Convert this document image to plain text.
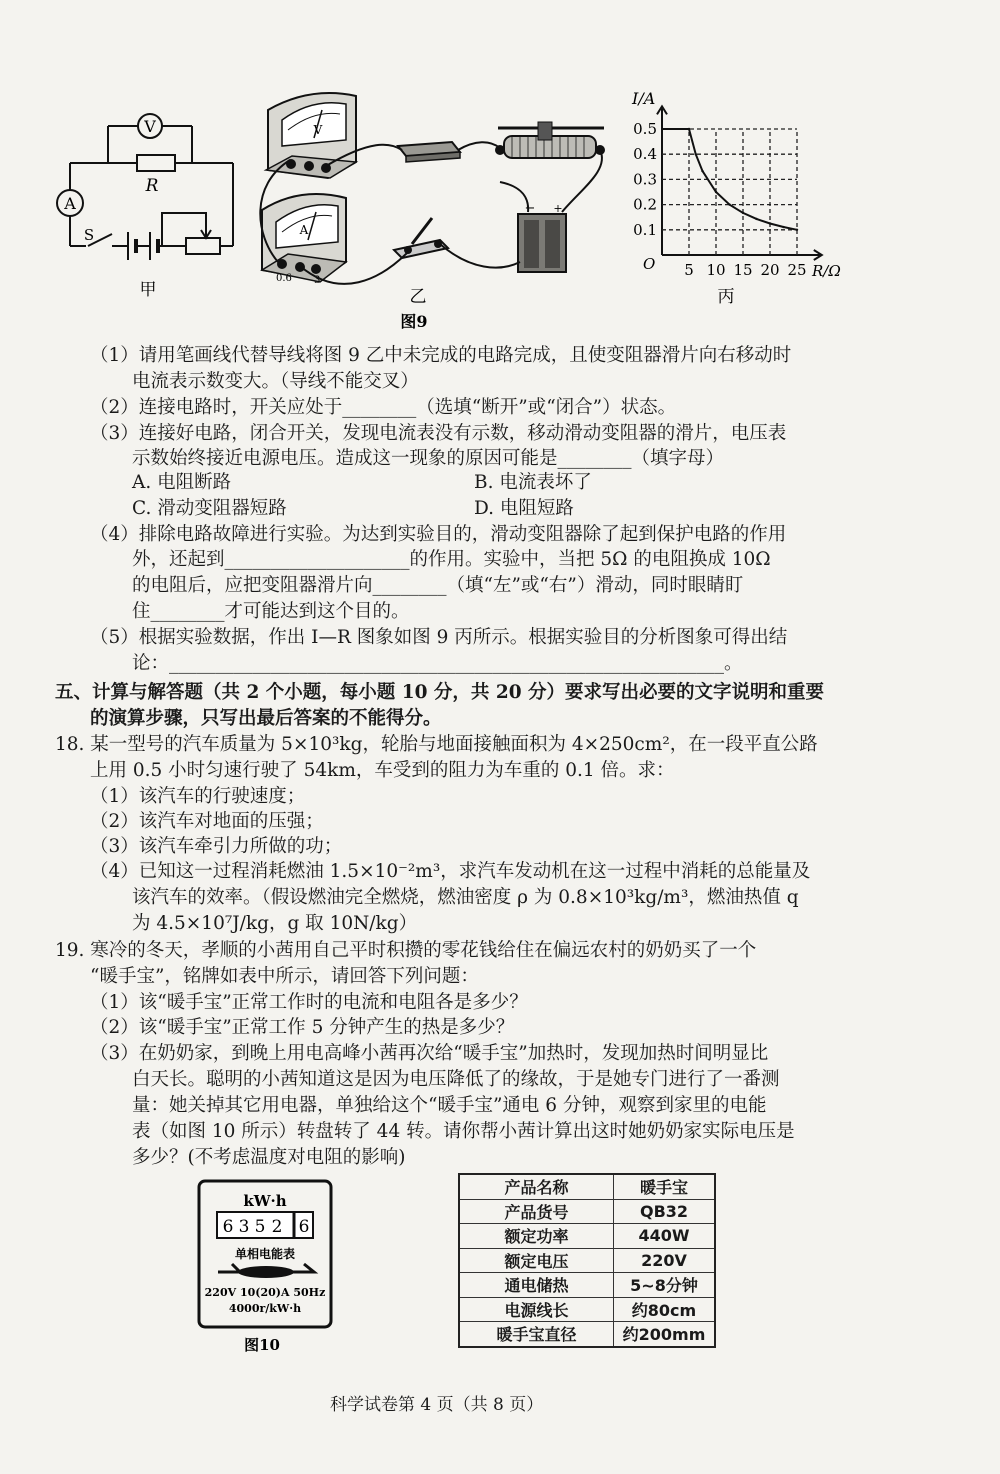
V
A
R
S
甲
V
A
0.6 3
− +
乙
图9
5 10 15 20 25
0.1
0.2
0.3
0.4
0.5
O
I/A
R/Ω
丙
（1）请用笔画线代替导线将图 9 乙中未完成的电路完成，且使变阻器滑片向右移动时
电流表示数变大。（导线不能交叉）
（2）连接电路时，开关应处于________（选填“断开”或“闭合”）状态。
（3）连接好电路，闭合开关，发现电流表没有示数，移动滑动变阻器的滑片，电压表
示数始终接近电源电压。造成这一现象的原因可能是________（填字母）
A. 电阻断路	B. 电流表坏了
C. 滑动变阻器短路	D. 电阻短路
（4）排除电路故障进行实验。为达到实验目的，滑动变阻器除了起到保护电路的作用
外，还起到____________________的作用。实验中，当把 5Ω 的电阻换成 10Ω
的电阻后，应把变阻器滑片向________（填“左”或“右”）滑动，同时眼睛盯
住________才可能达到这个目的。
（5）根据实验数据，作出 I—R 图象如图 9 丙所示。根据实验目的分析图象可得出结
论：____________________________________________________________。
五、计算与解答题（共 2 个小题，每小题 10 分，共 20 分）要求写出必要的文字说明和重要
的演算步骤，只写出最后答案的不能得分。
18. 某一型号的汽车质量为 5×10³kg，轮胎与地面接触面积为 4×250cm²，在一段平直公路
上用 0.5 小时匀速行驶了 54km，车受到的阻力为车重的 0.1 倍。求：
（1）该汽车的行驶速度；
（2）该汽车对地面的压强；
（3）该汽车牵引力所做的功；
（4）已知这一过程消耗燃油 1.5×10⁻²m³，求汽车发动机在这一过程中消耗的总能量及
该汽车的效率。（假设燃油完全燃烧，燃油密度 ρ 为 0.8×10³kg/m³，燃油热值 q
为 4.5×10⁷J/kg，g 取 10N/kg）
19. 寒冷的冬天，孝顺的小茜用自己平时积攒的零花钱给住在偏远农村的奶奶买了一个
“暖手宝”，铭牌如表中所示，请回答下列问题：
（1）该“暖手宝”正常工作时的电流和电阻各是多少？
（2）该“暖手宝”正常工作 5 分钟产生的热是多少？
（3）在奶奶家，到晚上用电高峰小茜再次给“暖手宝”加热时，发现加热时间明显比
白天长。聪明的小茜知道这是因为电压降低了的缘故，于是她专门进行了一番测
量：她关掉其它用电器，单独给这个“暖手宝”通电 6 分钟，观察到家里的电能
表（如图 10 所示）转盘转了 44 转。请你帮小茜计算出这时她奶奶家实际电压是
多少？(不考虑温度对电阻的影响)
kW·h
6 3 5 2 6
单相电能表
220V 10(20)A 50Hz
4000r/kW·h
图10
产品名称	暖手宝
产品货号	QB32
额定功率	440W
额定电压	220V
通电储热	5~8分钟
电源线长	约80cm
暖手宝直径	约200mm
科学试卷第 4 页（共 8 页）
